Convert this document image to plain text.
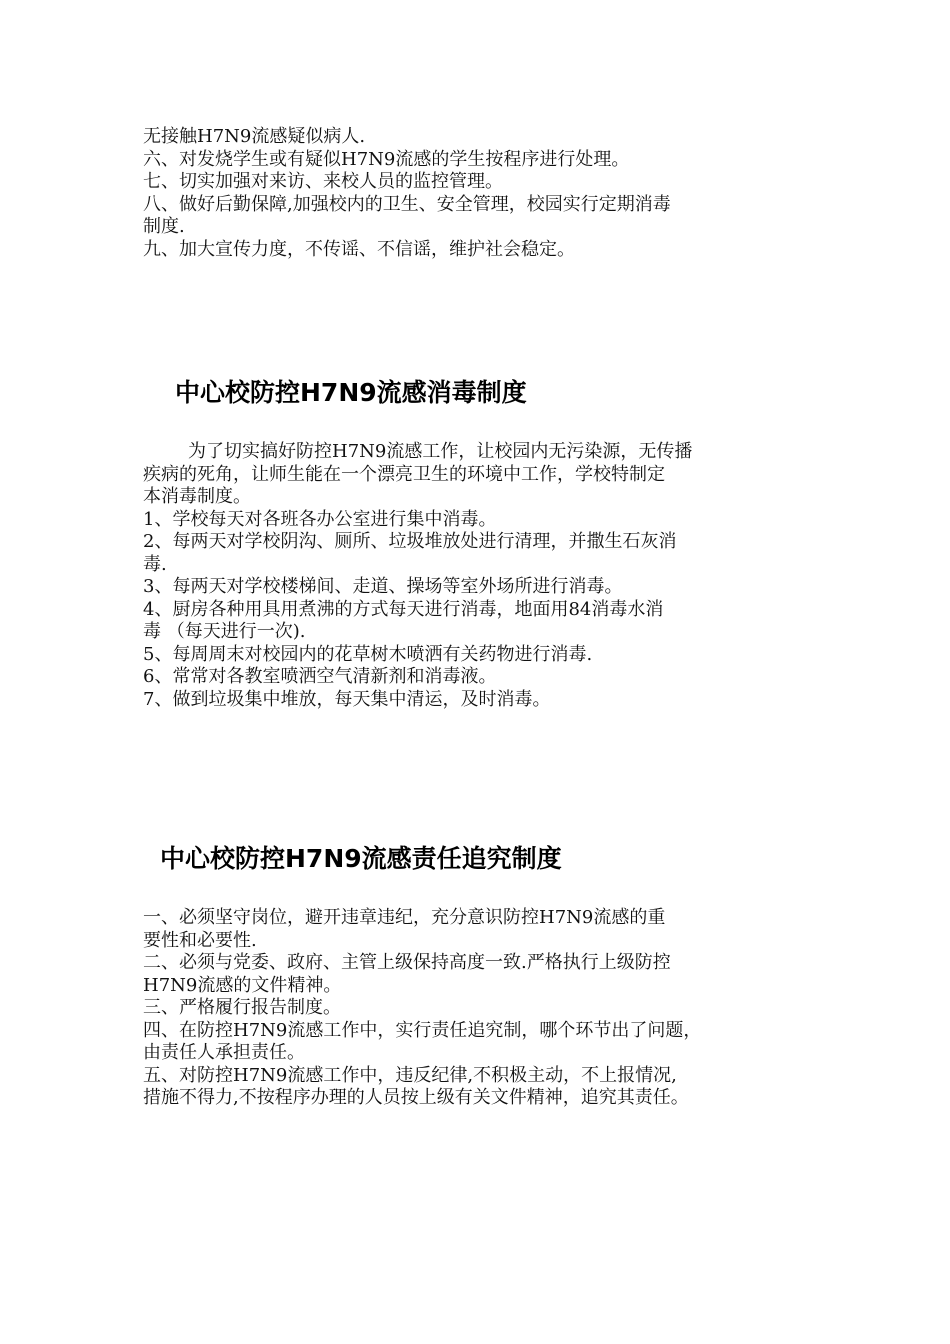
无接触H7N9流感疑似病人.
六、对发烧学生或有疑似H7N9流感的学生按程序进行处理。
七、切实加强对来访、来校人员的监控管理。
八、做好后勤保障,加强校内的卫生、安全管理，校园实行定期消毒
制度.
九、加大宣传力度，不传谣、不信谣，维护社会稳定。
中心校防控H7N9流感消毒制度
为了切实搞好防控H7N9流感工作，让校园内无污染源，无传播
疾病的死角，让师生能在一个漂亮卫生的环境中工作，学校特制定
本消毒制度。
1、学校每天对各班各办公室进行集中消毒。
2、每两天对学校阴沟、厕所、垃圾堆放处进行清理，并撒生石灰消
毒.
3、每两天对学校楼梯间、走道、操场等室外场所进行消毒。
4、厨房各种用具用煮沸的方式每天进行消毒，地面用84消毒水消
毒 （每天进行一次).
5、每周周末对校园内的花草树木喷洒有关药物进行消毒.
6、常常对各教室喷洒空气清新剂和消毒液。
7、做到垃圾集中堆放，每天集中清运，及时消毒。
中心校防控H7N9流感责任追究制度
一、必须坚守岗位，避开违章违纪，充分意识防控H7N9流感的重
要性和必要性.
二、必须与党委、政府、主管上级保持高度一致.严格执行上级防控
H7N9流感的文件精神。
三、严格履行报告制度。
四、在防控H7N9流感工作中，实行责任追究制，哪个环节出了问题，
由责任人承担责任。
五、对防控H7N9流感工作中，违反纪律,不积极主动，不上报情况,
措施不得力,不按程序办理的人员按上级有关文件精神，追究其责任。
